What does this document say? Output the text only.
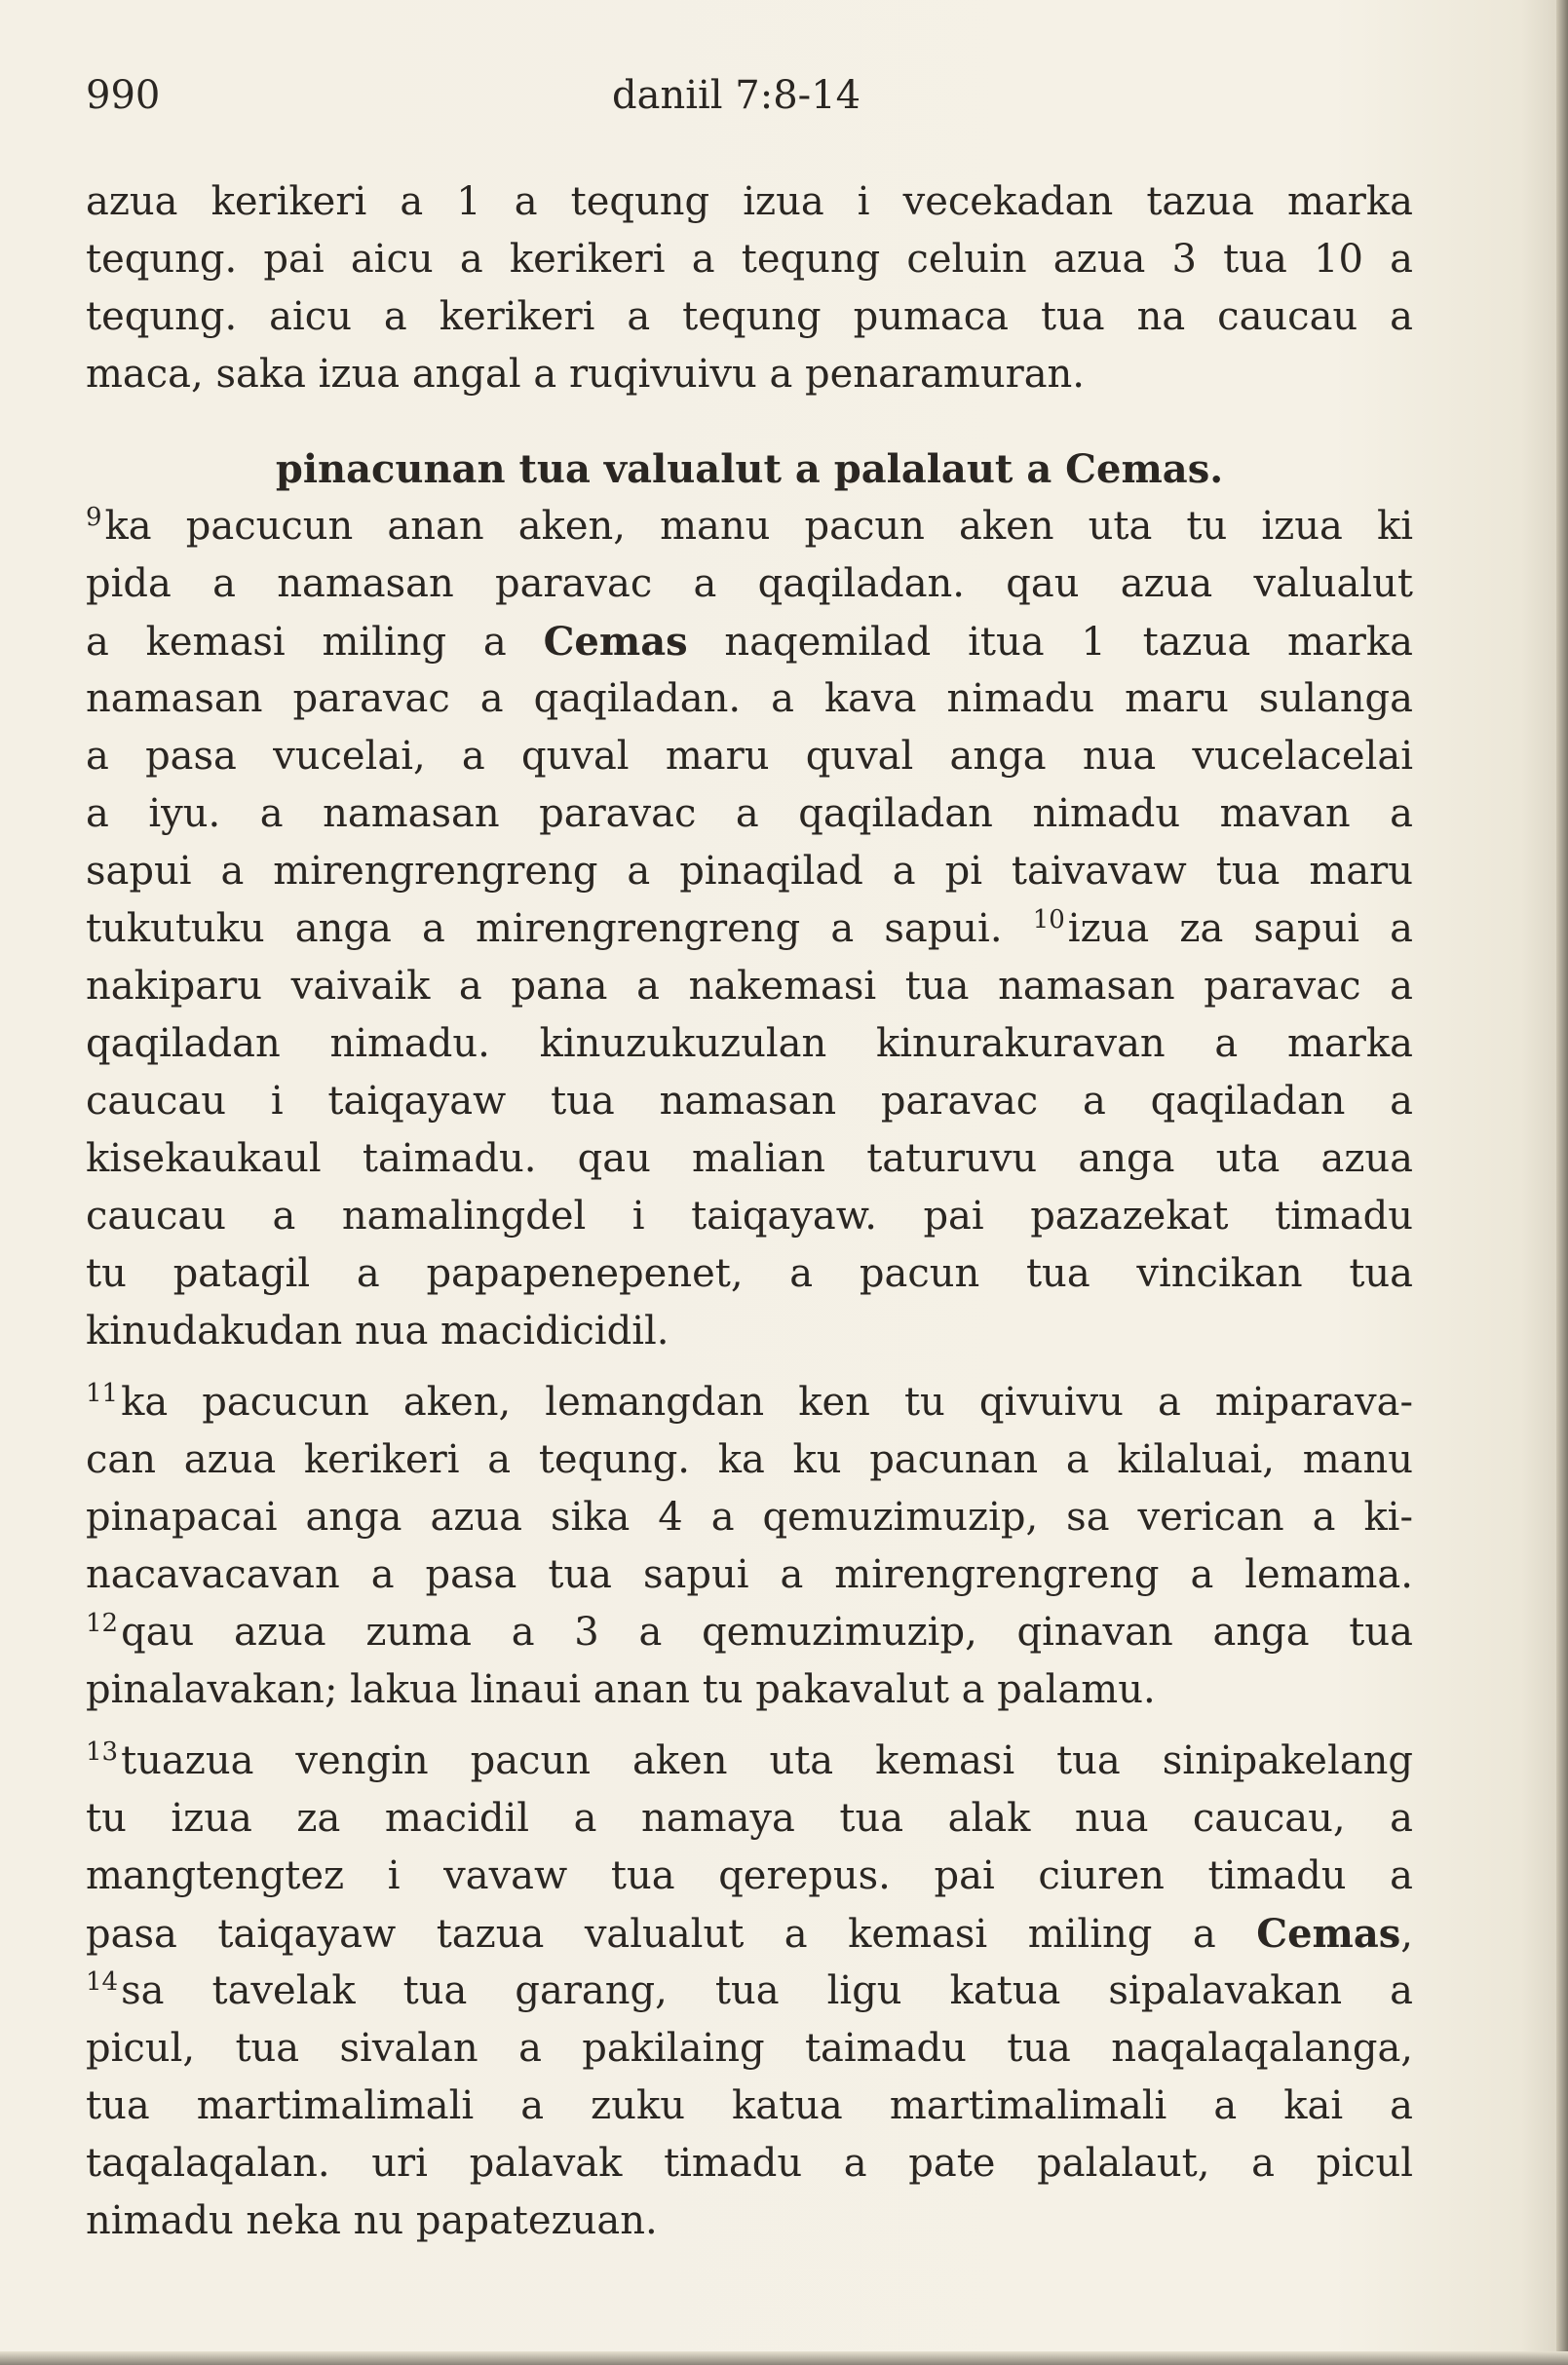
990	daniil 7:8-14
azua kerikeri a 1 a tequng izua i vecekadan tazua marka
tequng. pai aicu a kerikeri a tequng celuin azua 3 tua 10 a
tequng. aicu a kerikeri a tequng pumaca tua na caucau a
maca, saka izua angal a ruqivuivu a penaramuran.
pinacunan tua valualut a palalaut a Cemas.
$^9$ka pacucun anan aken, manu pacun aken uta tu izua ki
pida a namasan paravac a qaqiladan. qau azua valualut
a kemasi miling a Cemas naqemilad itua 1 tazua marka
namasan paravac a qaqiladan. a kava nimadu maru sulanga
a pasa vucelai, a quval maru quval anga nua vucelacelai
a iyu. a namasan paravac a qaqiladan nimadu mavan a
sapui a mirengrengreng a pinaqilad a pi taivavaw tua maru
tukutuku anga a mirengrengreng a sapui. $^{10}$izua za sapui a
nakiparu vaivaik a pana a nakemasi tua namasan paravac a
qaqiladan nimadu. kinuzukuzulan kinurakuravan a marka
caucau i taiqayaw tua namasan paravac a qaqiladan a
kisekaukaul taimadu. qau malian taturuvu anga uta azua
caucau a namalingdel i taiqayaw. pai pazazekat timadu
tu patagil a papapenepenet, a pacun tua vincikan tua
kinudakudan nua macidicidil.
$^{11}$ka pacucun aken, lemangdan ken tu qivuivu a miparava-
can azua kerikeri a tequng. ka ku pacunan a kilaluai, manu
pinapacai anga azua sika 4 a qemuzimuzip, sa verican a ki-
nacavacavan a pasa tua sapui a mirengrengreng a lemama.
$^{12}$qau azua zuma a 3 a qemuzimuzip, qinavan anga tua
pinalavakan; lakua linaui anan tu pakavalut a palamu.
$^{13}$tuazua vengin pacun aken uta kemasi tua sinipakelang
tu izua za macidil a namaya tua alak nua caucau, a
mangtengtez i vavaw tua qerepus. pai ciuren timadu a
pasa taiqayaw tazua valualut a kemasi miling a Cemas,
$^{14}$sa tavelak tua garang, tua ligu katua sipalavakan a
picul, tua sivalan a pakilaing taimadu tua naqalaqalanga,
tua martimalimali a zuku katua martimalimali a kai a
taqalaqalan. uri palavak timadu a pate palalaut, a picul
nimadu neka nu papatezuan.
